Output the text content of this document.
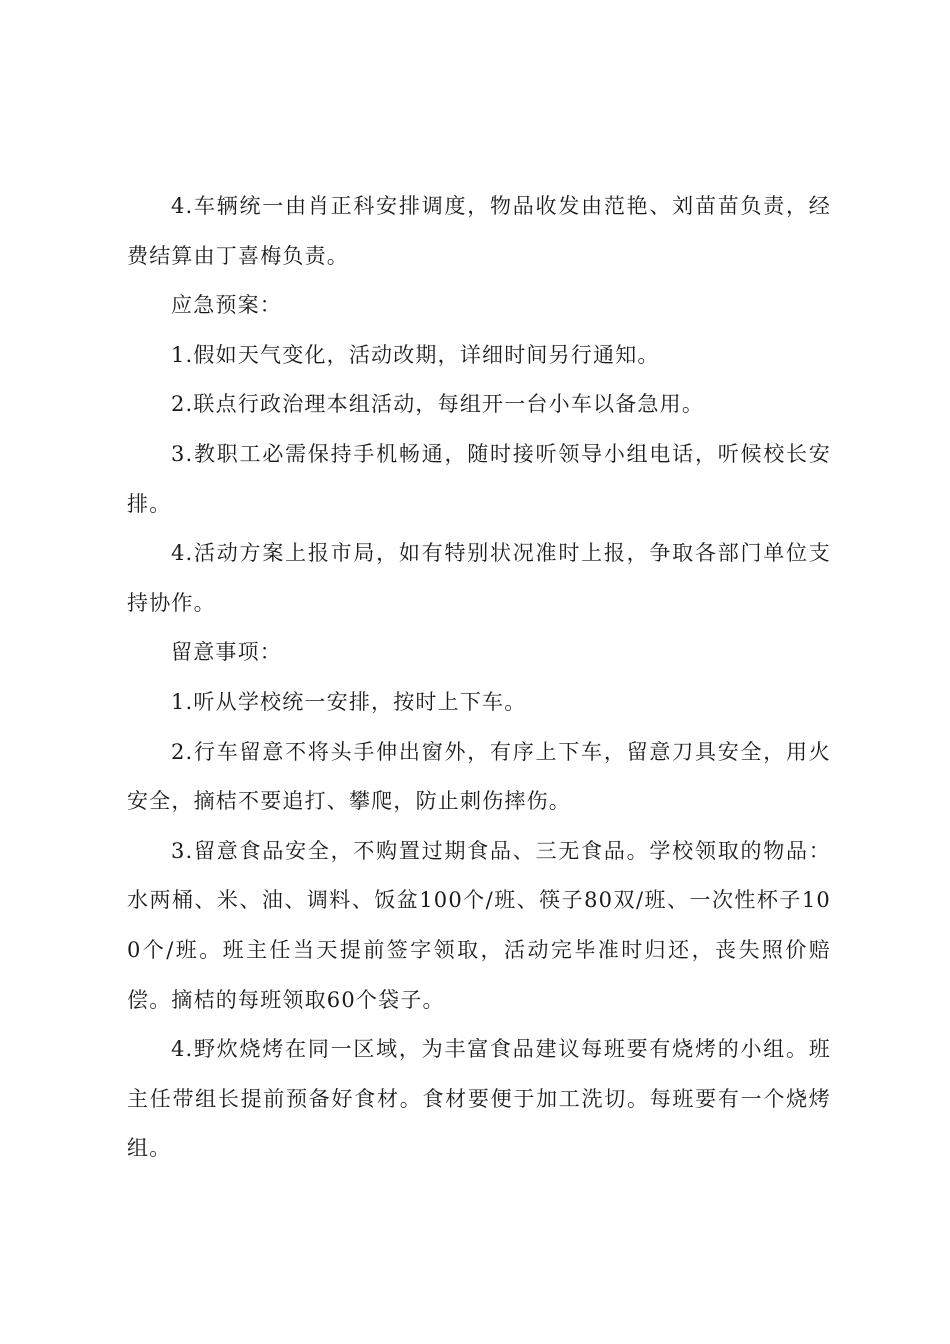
4.车辆统一由肖正科安排调度，物品收发由范艳、刘苗苗负责，经费结算由丁喜梅负责。

应急预案：

1.假如天气变化，活动改期，详细时间另行通知。

2.联点行政治理本组活动，每组开一台小车以备急用。

3.教职工必需保持手机畅通，随时接听领导小组电话，听候校长安排。

4.活动方案上报市局，如有特别状况准时上报，争取各部门单位支持协作。

留意事项：

1.听从学校统一安排，按时上下车。

2.行车留意不将头手伸出窗外，有序上下车，留意刀具安全，用火安全，摘桔不要追打、攀爬，防止刺伤摔伤。

3.留意食品安全，不购置过期食品、三无食品。学校领取的物品：水两桶、米、油、调料、饭盆100个/班、筷子80双/班、一次性杯子100个/班。班主任当天提前签字领取，活动完毕准时归还，丧失照价赔偿。摘桔的每班领取60个袋子。

4.野炊烧烤在同一区域，为丰富食品建议每班要有烧烤的小组。班主任带组长提前预备好食材。食材要便于加工洗切。每班要有一个烧烤组。
